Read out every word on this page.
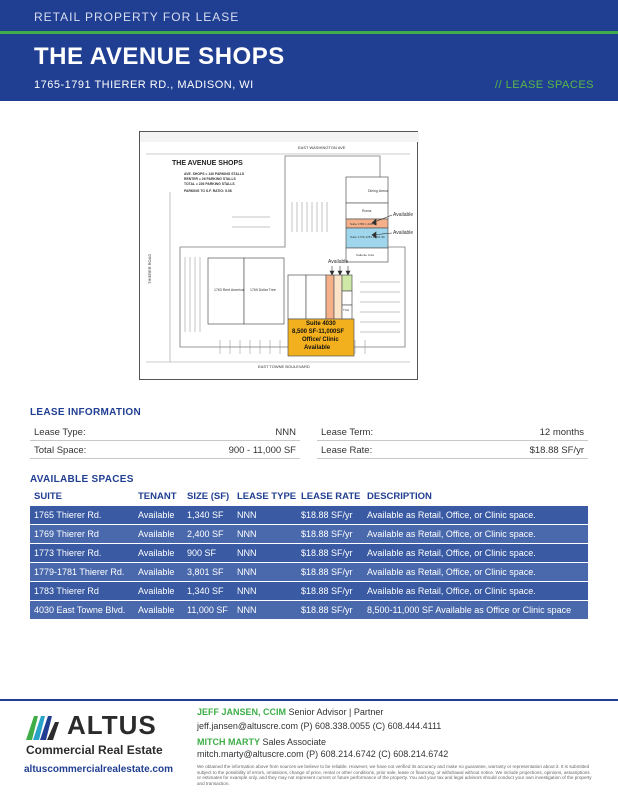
RETAIL PROPERTY FOR LEASE
THE AVENUE SHOPS
1765-1791 THIERER RD., MADISON, WI	// LEASE SPACES
THE AVENUE SHOPS
AVE. SHOPS = 140 PARKING STALLS
RENTER = 26 PARKING STALLS
TOTAL = 226 PARKING STALLS
PARKING TO S.F. RATIO: 5.08
EAST WASHINGTON AVE
EAST TOWNE BOULEVARD
THIERER ROAD
Dining Arena
Roma
Suite 1783 1,340 SF
Suite 1779-1781 3,801 SF
Caliente Cuts
1763 Rent America 1769 Dollar Tree
TCH
Available
Available
Available
Suite 4030
8,500 SF-11,000SF
Office/ Clinic
Available
LEASE INFORMATION
Lease Type:	NNN
Total Space:	900 - 11,000 SF
Lease Term:	12 months
Lease Rate:	$18.88 SF/yr
AVAILABLE SPACES
SUITE	TENANT SIZE (SF) LEASE TYPE LEASE RATE DESCRIPTION
1765 Thierer Rd.	Available 1,340 SF NNN	$18.88 SF/yr Available as Retail, Office, or Clinic space.
1769 Thierer Rd	Available 2,400 SF NNN	$18.88 SF/yr Available as Retail, Office, or Clinic space.
1773 Thierer Rd.	Available 900 SF NNN	$18.88 SF/yr Available as Retail, Office, or Clinic space.
1779-1781 Thierer Rd. Available 3,801 SF NNN	$18.88 SF/yr Available as Retail, Office, or Clinic space.
1783 Thierer Rd	Available 1,340 SF NNN	$18.88 SF/yr Available as Retail, Office, or Clinic space.
4030 East Towne Blvd. Available 11,000 SF NNN	$18.88 SF/yr 8,500-11,000 SF Available as Office or Clinic space
ALTUS
Commercial Real Estate
altuscommercialrealestate.com
JEFF JANSEN, CCIM Senior Advisor | Partner
jeff.jansen@altuscre.com (P) 608.338.0055 (C) 608.444.4111
MITCH MARTY Sales Associate
mitch.marty@altuscre.com (P) 608.214.6742 (C) 608.214.6742
We obtained the information above from sources we believe to be reliable. However, we have not verified its accuracy and make no guarantee, warranty or representation about it. It is submitted subject to the possibility of errors, omissions, change of price, rental or other conditions, prior sale, lease or financing, or withdrawal without notice. We include projections, opinions, assumptions or estimates for example only, and they may not represent current or future performance of the property. You and your tax and legal advisors should conduct your own investigation of the property and transaction.
